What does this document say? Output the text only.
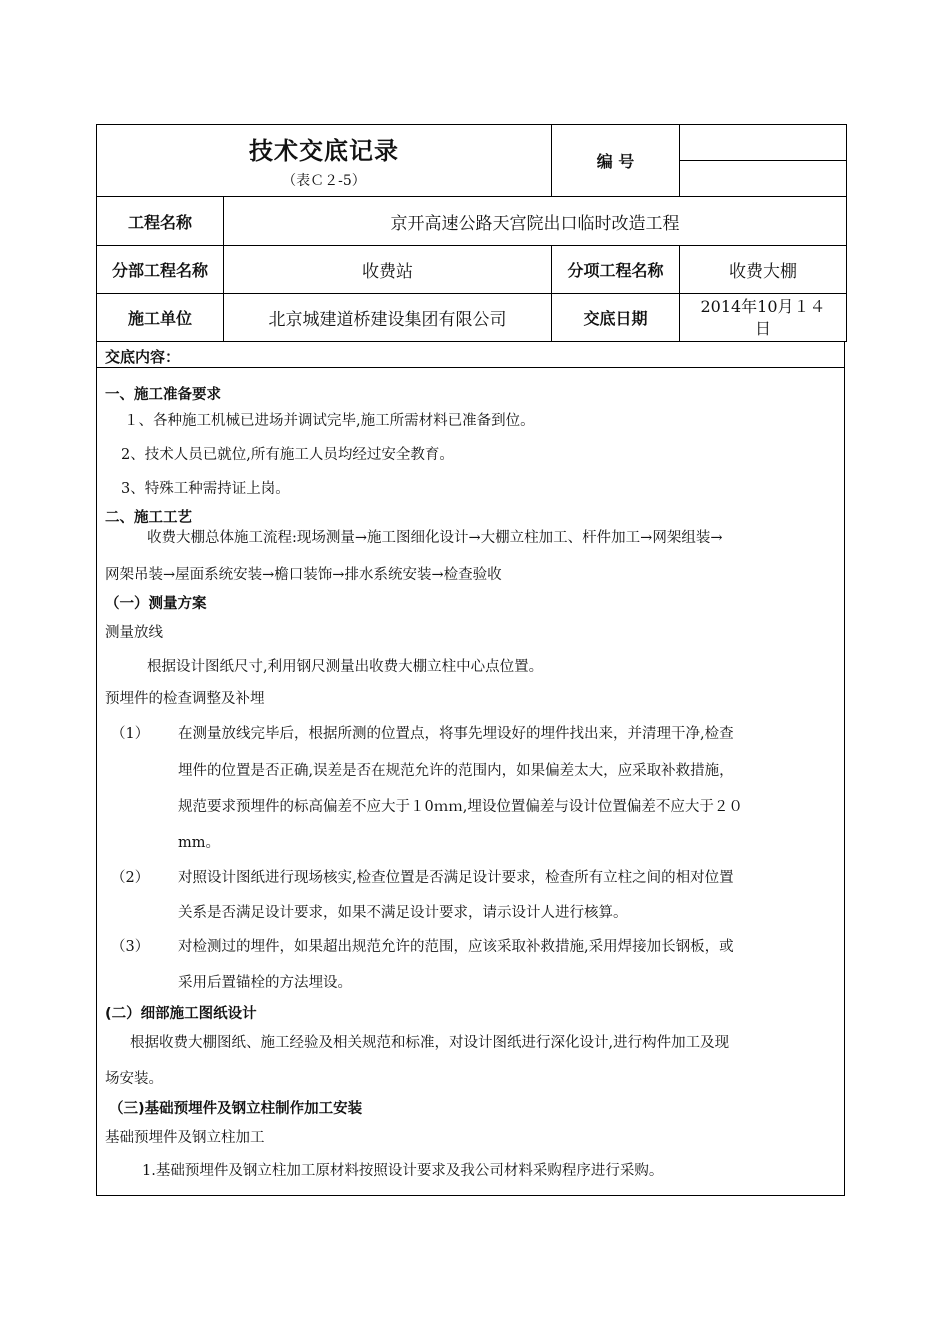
技术交底记录
（表Ｃ２-5）		编 号	

工程名称	京开高速公路天宫院出口临时改造工程		
分部工程名称	收费站	分项工程名称	收费大棚
施工单位	北京城建道桥建设集团有限公司	交底日期	2014年10月１４
日
交底内容：
一、施工准备要求
１、各种施工机械已进场并调试完毕,施工所需材料已准备到位。
2、技术人员已就位,所有施工人员均经过安全教育。
3、特殊工种需持证上岗。
二、施工工艺
收费大棚总体施工流程:现场测量→施工图细化设计→大棚立柱加工、杆件加工→网架组装→
网架吊装→屋面系统安装→檐口装饰→排水系统安装→检查验收
（一）测量方案
测量放线
根据设计图纸尺寸,利用钢尺测量出收费大棚立柱中心点位置。
预埋件的检查调整及补埋
（1） 在测量放线完毕后，根据所测的位置点，将事先埋设好的埋件找出来，并清理干净,检查
埋件的位置是否正确,误差是否在规范允许的范围内，如果偏差太大，应采取补救措施，
规范要求预埋件的标高偏差不应大于１0ｍｍ,埋设位置偏差与设计位置偏差不应大于２０
mm。
（2） 对照设计图纸进行现场核实,检查位置是否满足设计要求，检查所有立柱之间的相对位置
关系是否满足设计要求，如果不满足设计要求，请示设计人进行核算。
（3） 对检测过的埋件，如果超出规范允许的范围，应该采取补救措施,采用焊接加长钢板，或
采用后置锚栓的方法埋设。
(二）细部施工图纸设计
根据收费大棚图纸、施工经验及相关规范和标准，对设计图纸进行深化设计,进行构件加工及现
场安装。
（三)基础预埋件及钢立柱制作加工安装
基础预埋件及钢立柱加工
1.基础预埋件及钢立柱加工原材料按照设计要求及我公司材料采购程序进行采购。
